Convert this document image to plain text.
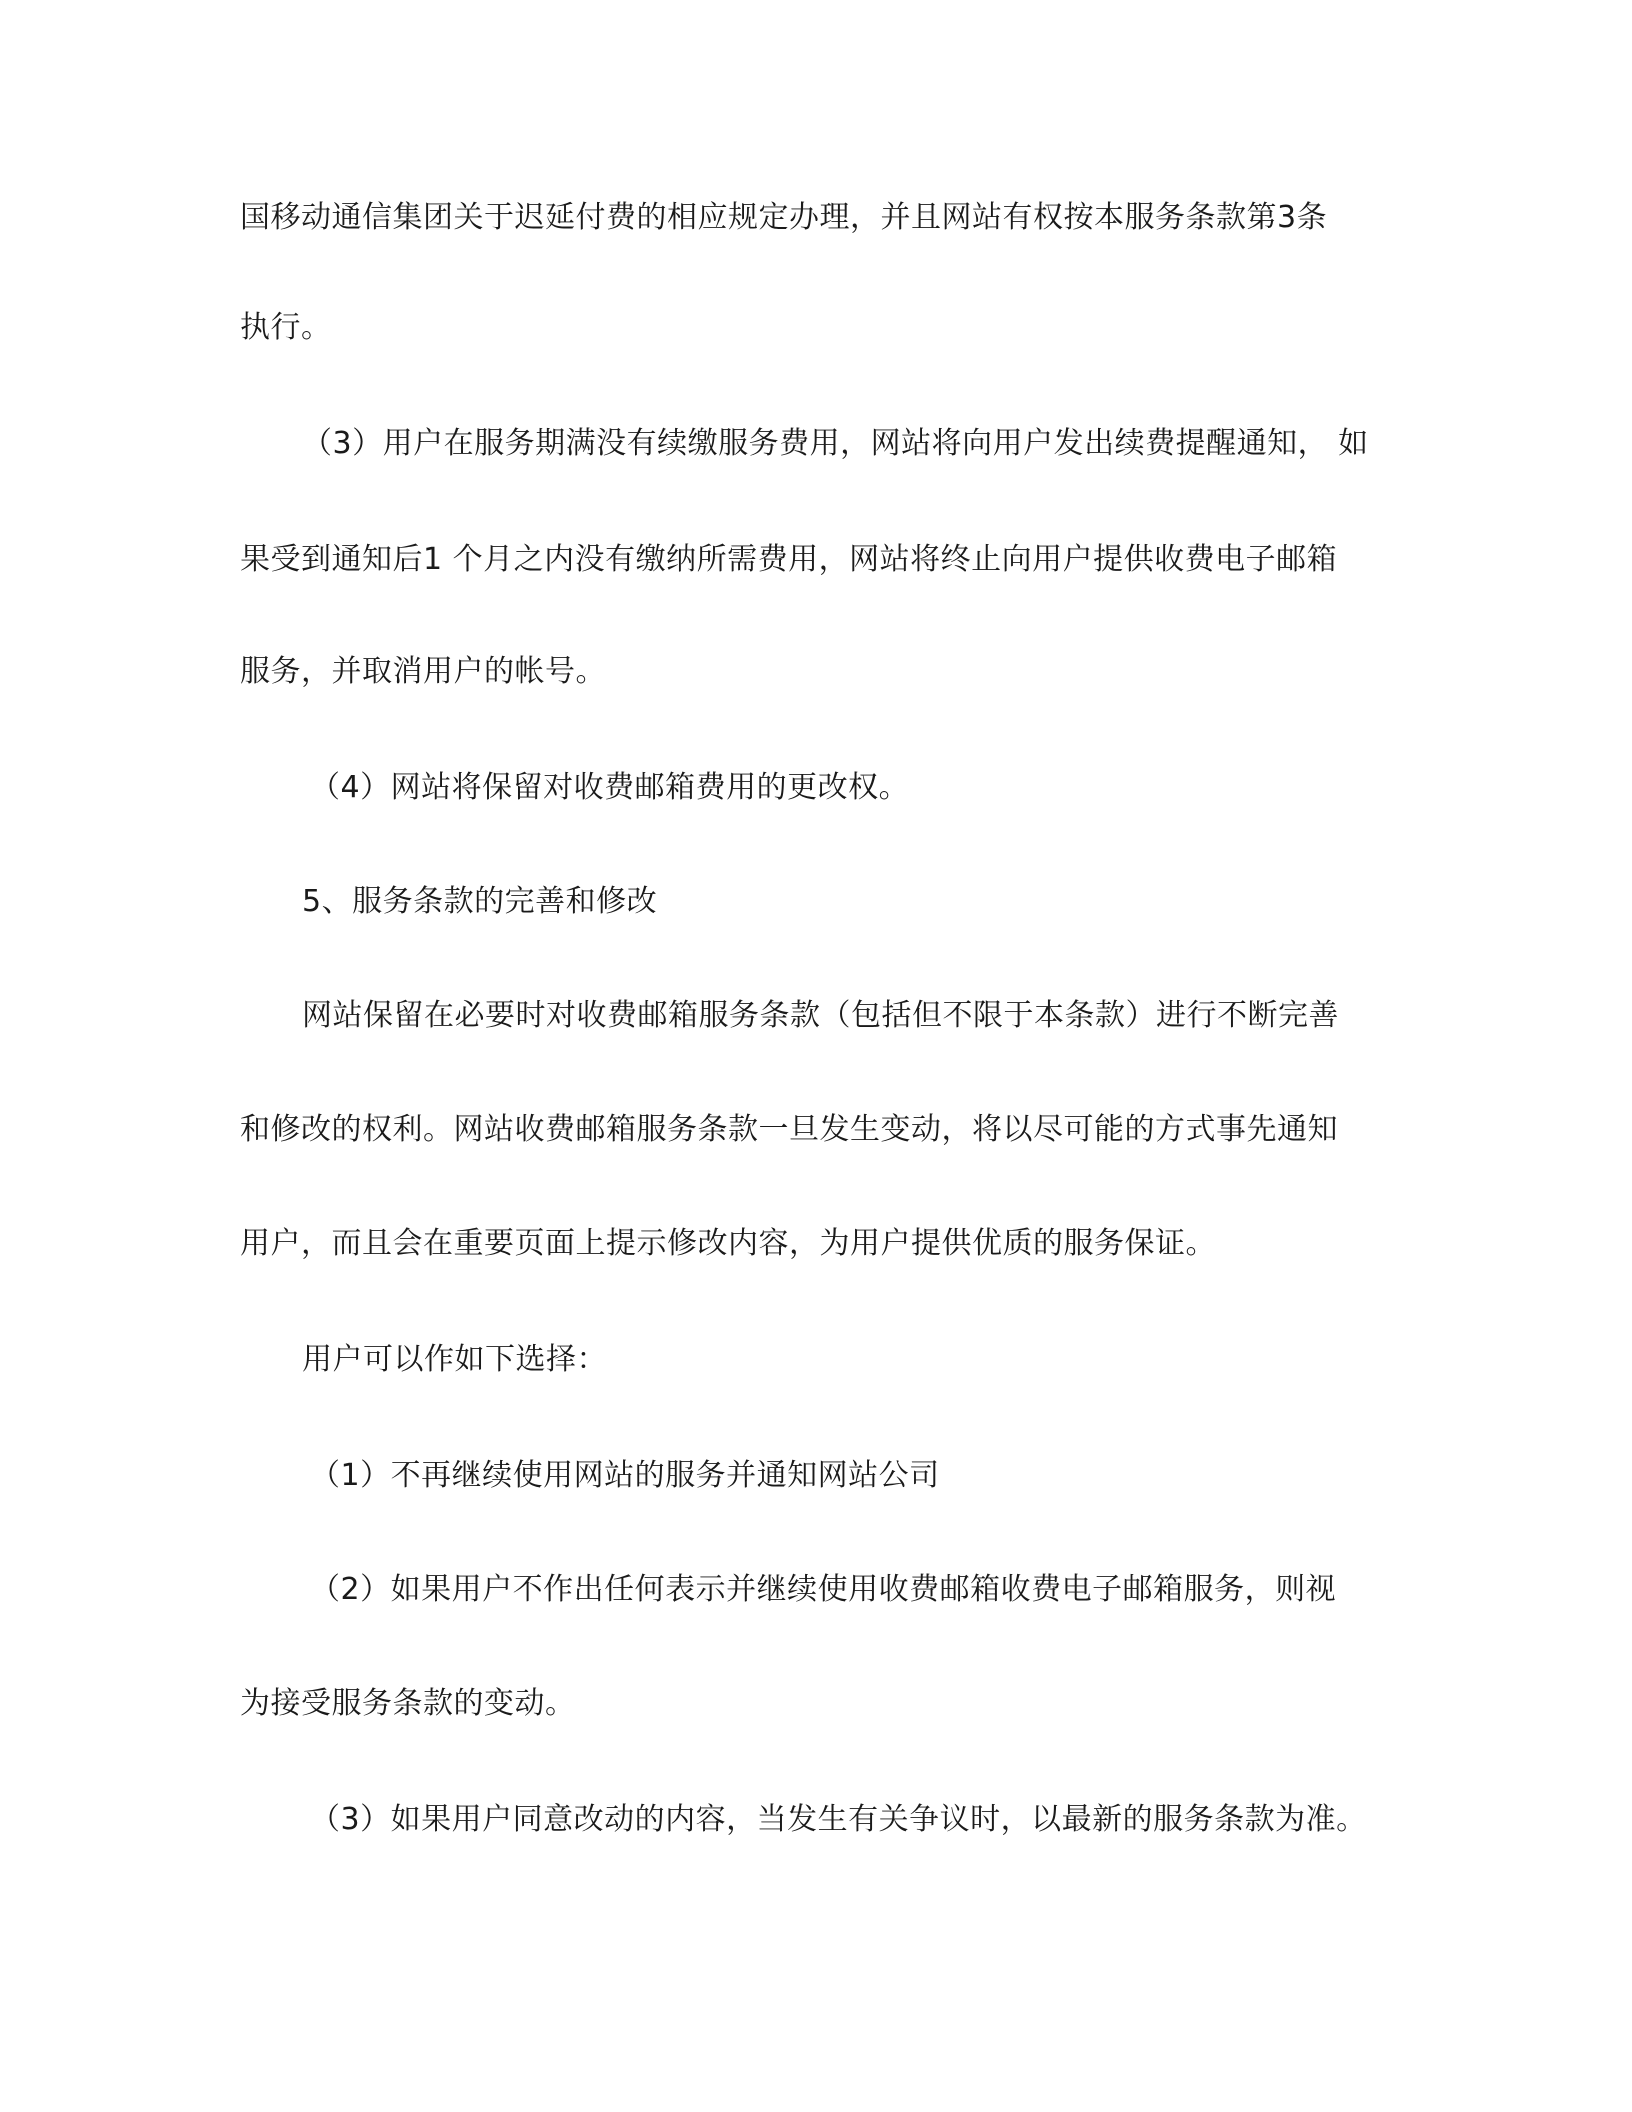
国移动通信集团关于迟延付费的相应规定办理，并且网站有权按本服务条款第3条
执行。
（3）用户在服务期满没有续缴服务费用，网站将向用户发出续费提醒通知， 如
果受到通知后1 个月之内没有缴纳所需费用，网站将终止向用户提供收费电子邮箱
服务，并取消用户的帐号。
（4）网站将保留对收费邮箱费用的更改权。
5、服务条款的完善和修改
网站保留在必要时对收费邮箱服务条款（包括但不限于本条款）进行不断完善
和修改的权利。网站收费邮箱服务条款一旦发生变动，将以尽可能的方式事先通知
用户，而且会在重要页面上提示修改内容，为用户提供优质的服务保证。
用户可以作如下选择：
（1）不再继续使用网站的服务并通知网站公司
（2）如果用户不作出任何表示并继续使用收费邮箱收费电子邮箱服务，则视
为接受服务条款的变动。
（3）如果用户同意改动的内容，当发生有关争议时，以最新的服务条款为准。
